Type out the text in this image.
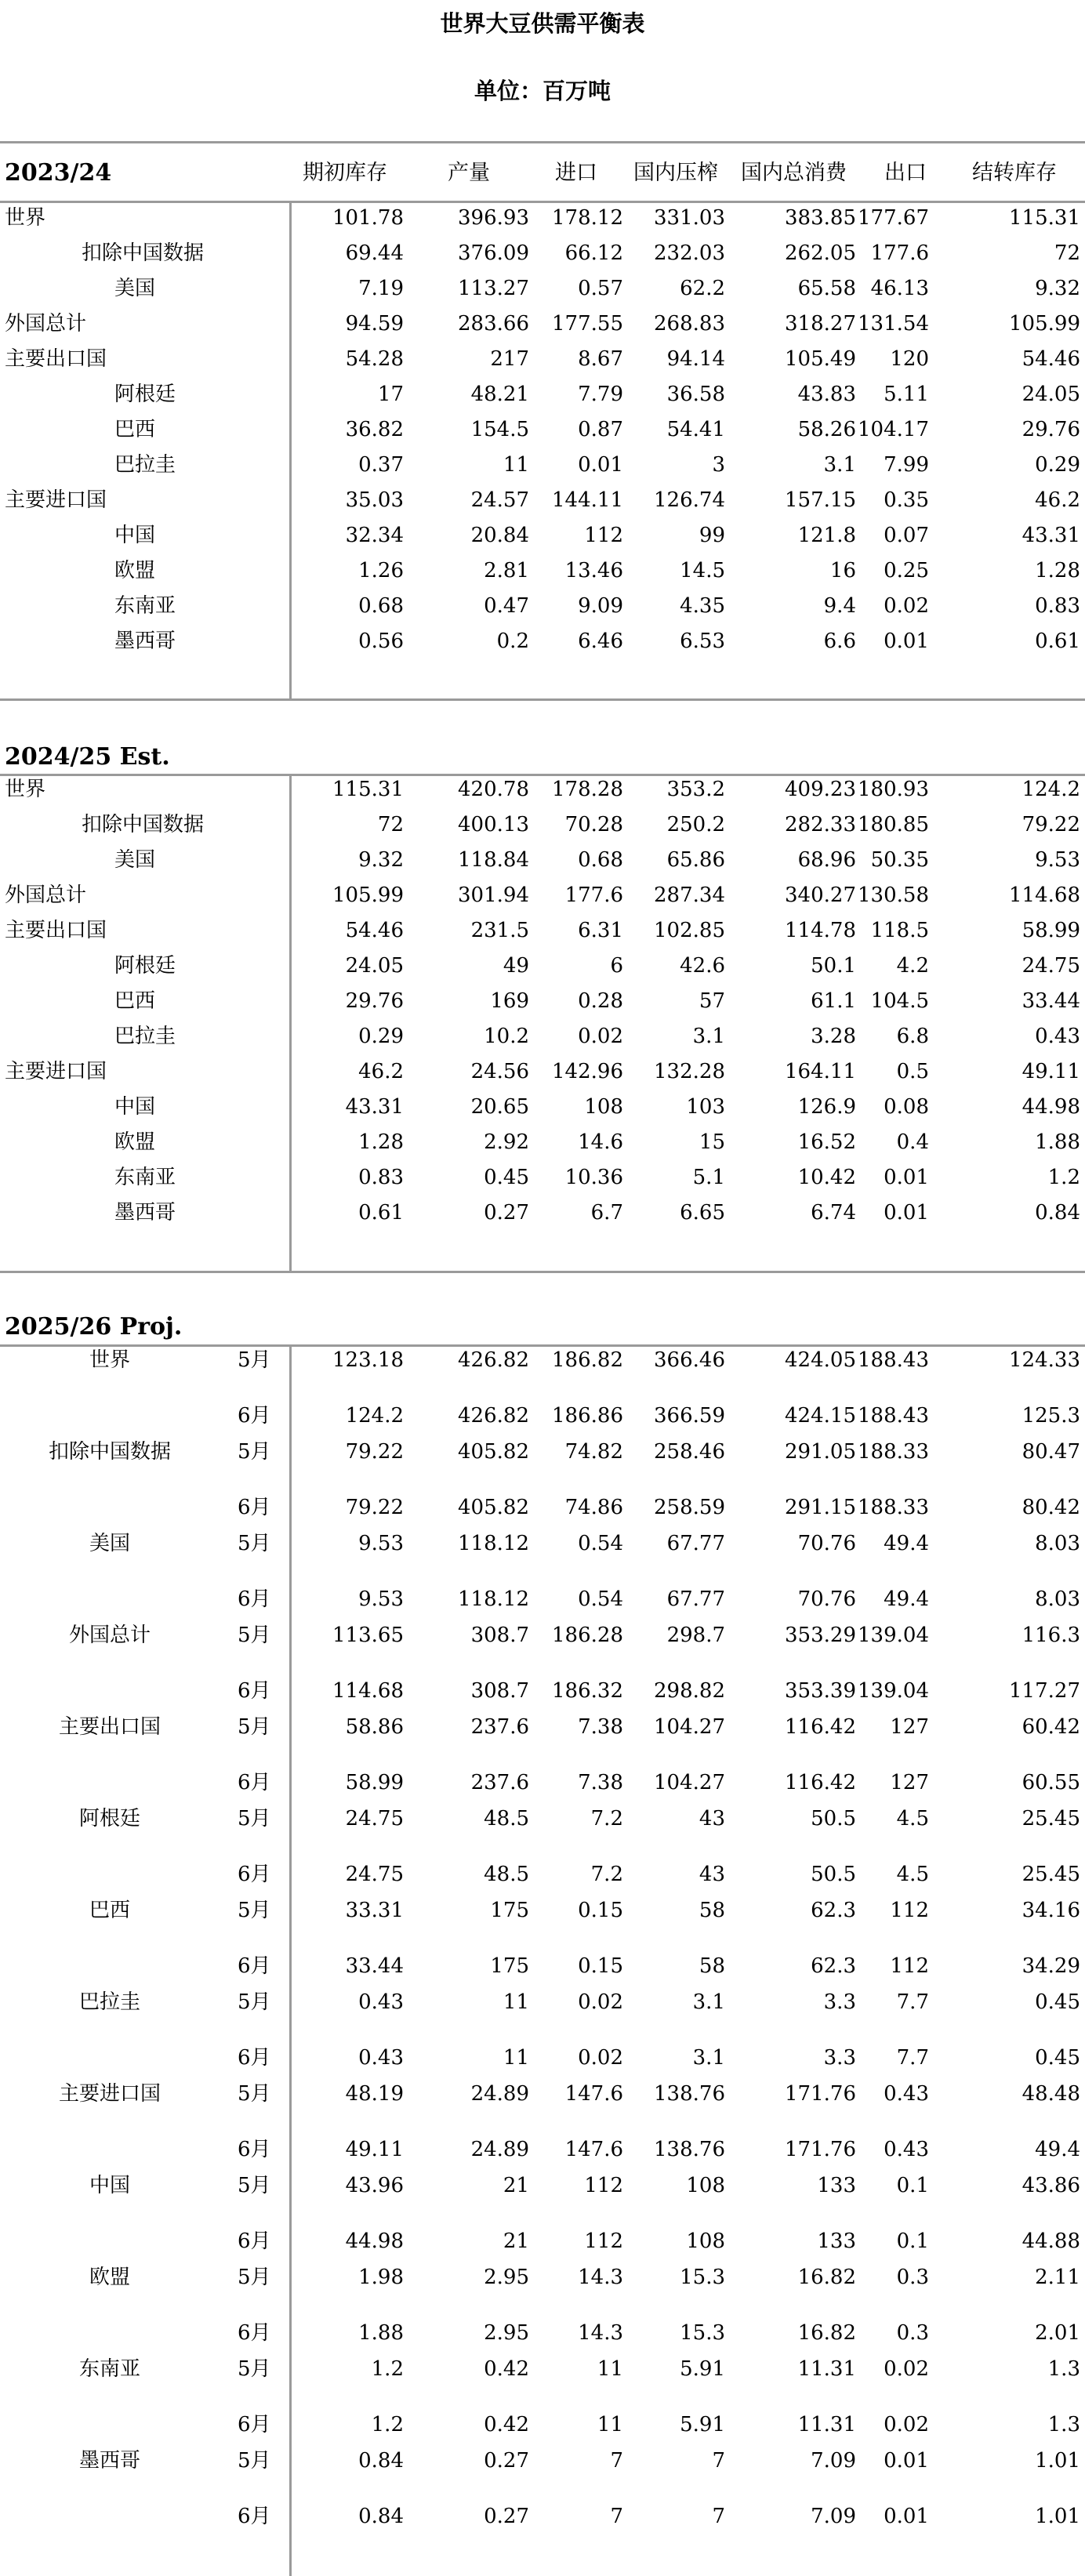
世界大豆供需平衡表
单位：百万吨
2023/24	期初库存	产量	进口 国内压榨 国内总消费 出口 结转库存
世界	101.78	396.93	178.12	331.03	383.85 177.67	115.31
扣除中国数据	69.44	376.09	66.12	232.03	262.05 177.6	72
美国	7.19	113.27	0.57	62.2	65.58 46.13	9.32
外国总计	94.59	283.66	177.55	268.83	318.27 131.54	105.99
主要出口国	54.28	217	8.67	94.14	105.49	120	54.46
阿根廷	17	48.21	7.79	36.58	43.83	5.11	24.05
巴西	36.82	154.5	0.87	54.41	58.26 104.17	29.76
巴拉圭	0.37	11	0.01	3	3.1	7.99	0.29
主要进口国	35.03	24.57	144.11	126.74	157.15	0.35	46.2
中国	32.34	20.84	112	99	121.8	0.07	43.31
欧盟	1.26	2.81	13.46	14.5	16	0.25	1.28
东南亚	0.68	0.47	9.09	4.35	9.4	0.02	0.83
墨西哥	0.56	0.2	6.46	6.53	6.6	0.01	0.61
2024/25 Est.
世界	115.31	420.78	178.28	353.2	409.23 180.93	124.2
扣除中国数据	72	400.13	70.28	250.2	282.33 180.85	79.22
美国	9.32	118.84	0.68	65.86	68.96 50.35	9.53
外国总计	105.99	301.94	177.6	287.34	340.27 130.58	114.68
主要出口国	54.46	231.5	6.31	102.85	114.78 118.5	58.99
阿根廷	24.05	49	6	42.6	50.1	4.2	24.75
巴西	29.76	169	0.28	57	61.1 104.5	33.44
巴拉圭	0.29	10.2	0.02	3.1	3.28	6.8	0.43
主要进口国	46.2	24.56	142.96	132.28	164.11	0.5	49.11
中国	43.31	20.65	108	103	126.9	0.08	44.98
欧盟	1.28	2.92	14.6	15	16.52	0.4	1.88
东南亚	0.83	0.45	10.36	5.1	10.42	0.01	1.2
墨西哥	0.61	0.27	6.7	6.65	6.74	0.01	0.84
2025/26 Proj.
世界	5月	123.18	426.82	186.82	366.46	424.05 188.43	124.33
6月	124.2	426.82	186.86	366.59	424.15 188.43	125.3
扣除中国数据	5月	79.22	405.82	74.82	258.46	291.05 188.33	80.47
6月	79.22	405.82	74.86	258.59	291.15 188.33	80.42
美国	5月	9.53	118.12	0.54	67.77	70.76	49.4	8.03
6月	9.53	118.12	0.54	67.77	70.76	49.4	8.03
外国总计	5月	113.65	308.7	186.28	298.7	353.29 139.04	116.3
6月	114.68	308.7	186.32	298.82	353.39 139.04	117.27
主要出口国	5月	58.86	237.6	7.38	104.27	116.42	127	60.42
6月	58.99	237.6	7.38	104.27	116.42	127	60.55
阿根廷	5月	24.75	48.5	7.2	43	50.5	4.5	25.45
6月	24.75	48.5	7.2	43	50.5	4.5	25.45
巴西	5月	33.31	175	0.15	58	62.3	112	34.16
6月	33.44	175	0.15	58	62.3	112	34.29
巴拉圭	5月	0.43	11	0.02	3.1	3.3	7.7	0.45
6月	0.43	11	0.02	3.1	3.3	7.7	0.45
主要进口国	5月	48.19	24.89	147.6	138.76	171.76	0.43	48.48
6月	49.11	24.89	147.6	138.76	171.76	0.43	49.4
中国	5月	43.96	21	112	108	133	0.1	43.86
6月	44.98	21	112	108	133	0.1	44.88
欧盟	5月	1.98	2.95	14.3	15.3	16.82	0.3	2.11
6月	1.88	2.95	14.3	15.3	16.82	0.3	2.01
东南亚	5月	1.2	0.42	11	5.91	11.31	0.02	1.3
6月	1.2	0.42	11	5.91	11.31	0.02	1.3
墨西哥	5月	0.84	0.27	7	7	7.09	0.01	1.01
6月	0.84	0.27	7	7	7.09	0.01	1.01
